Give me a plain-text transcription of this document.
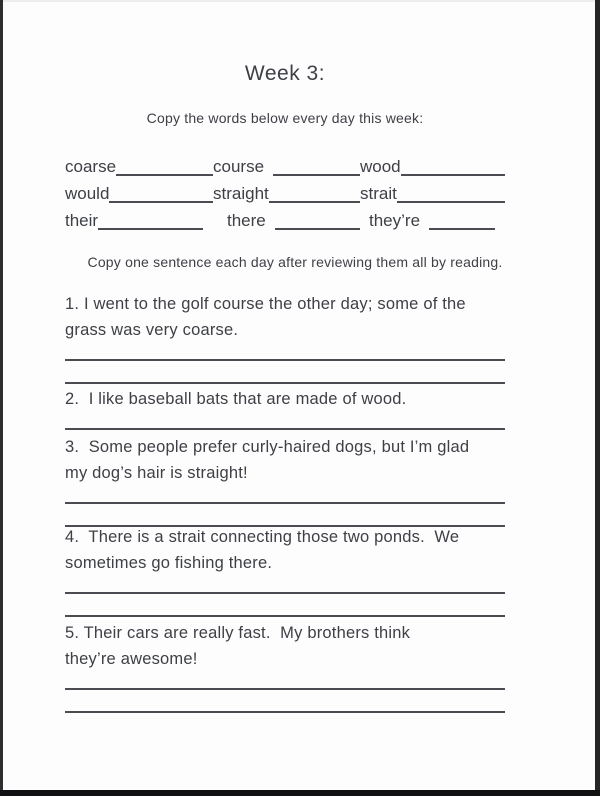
Week 3:
Copy the words below every day this week:
coarse	course	wood
would	straight	strait
their	there	they’re
Copy one sentence each day after reviewing them all by reading.
1. I went to the golf course the other day; some of the
grass was very coarse.
2.  I like baseball bats that are made of wood.
3.  Some people prefer curly-haired dogs, but I’m glad
my dog’s hair is straight!
4.  There is a strait connecting those two ponds.  We
sometimes go fishing there.
5. Their cars are really fast.  My brothers think
they’re awesome!
